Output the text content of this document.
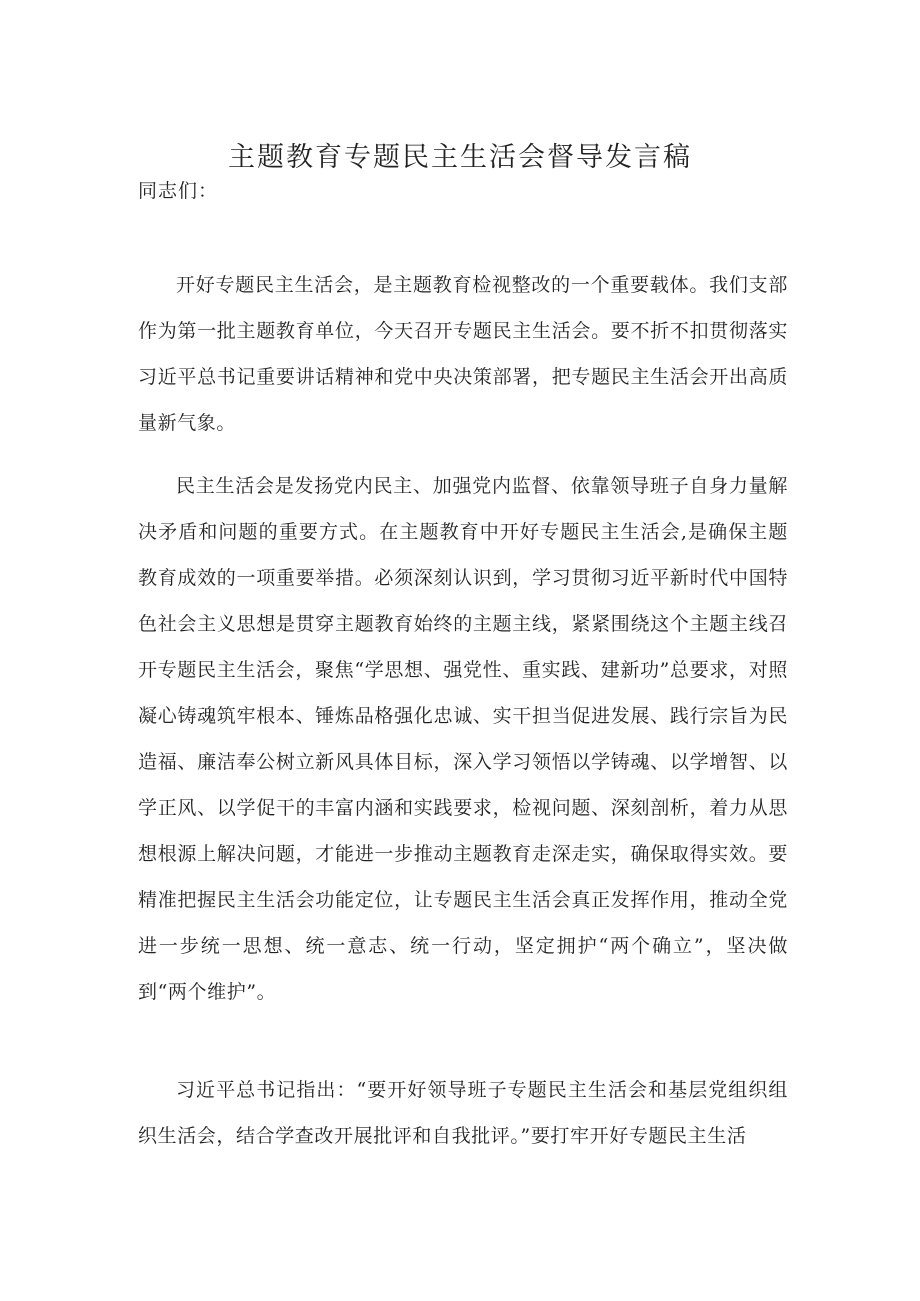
主题教育专题民主生活会督导发言稿

同志们：

开好专题民主生活会，是主题教育检视整改的一个重要载体。我们支部作为第一批主题教育单位，今天召开专题民主生活会。要不折不扣贯彻落实习近平总书记重要讲话精神和党中央决策部署，把专题民主生活会开出高质量新气象。

民主生活会是发扬党内民主、加强党内监督、依靠领导班子自身力量解决矛盾和问题的重要方式。在主题教育中开好专题民主生活会,是确保主题教育成效的一项重要举措。必须深刻认识到，学习贯彻习近平新时代中国特色社会主义思想是贯穿主题教育始终的主题主线，紧紧围绕这个主题主线召开专题民主生活会，聚焦“学思想、强党性、重实践、建新功”总要求，对照凝心铸魂筑牢根本、锤炼品格强化忠诚、实干担当促进发展、践行宗旨为民造福、廉洁奉公树立新风具体目标，深入学习领悟以学铸魂、以学增智、以学正风、以学促干的丰富内涵和实践要求，检视问题、深刻剖析，着力从思想根源上解决问题，才能进一步推动主题教育走深走实，确保取得实效。要精准把握民主生活会功能定位，让专题民主生活会真正发挥作用，推动全党进一步统一思想、统一意志、统一行动，坚定拥护“两个确立”，坚决做到“两个维护”。

习近平总书记指出：“要开好领导班子专题民主生活会和基层党组织组织生活会，结合学查改开展批评和自我批评。”要打牢开好专题民主生活
